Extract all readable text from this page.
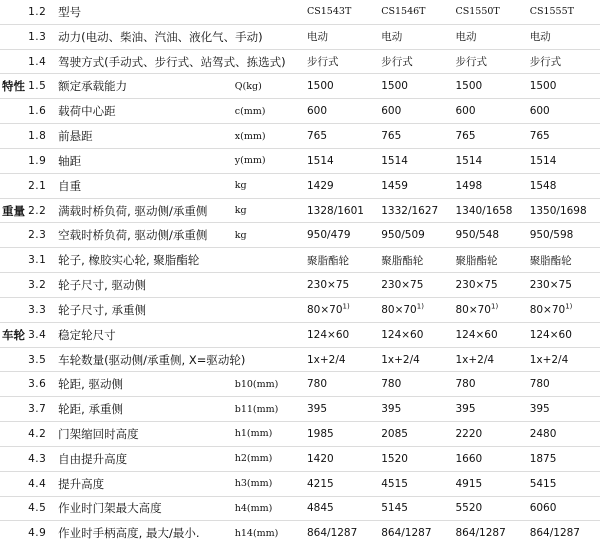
	1.2	型号		CS1543T	CS1546T	CS1550T	CS1555T
	1.3	动力(电动、柴油、汽油、液化气、手动)		电动	电动	电动	电动
	1.4	驾驶方式(手动式、步行式、站驾式、拣选式)		步行式	步行式	步行式	步行式
特性	1.5	额定承载能力	Q(kg)	1500	1500	1500	1500
	1.6	载荷中心距	c(mm)	600	600	600	600
	1.8	前悬距	x(mm)	765	765	765	765
	1.9	轴距	y(mm)	1514	1514	1514	1514
	2.1	自重	kg	1429	1459	1498	1548
重量	2.2	满载时桥负荷, 驱动侧/承重侧	kg	1328/1601	1332/1627	1340/1658	1350/1698
	2.3	空载时桥负荷, 驱动侧/承重侧	kg	950/479	950/509	950/548	950/598
	3.1	轮子, 橡胶实心轮, 聚脂酯轮		聚脂酯轮	聚脂酯轮	聚脂酯轮	聚脂酯轮
	3.2	轮子尺寸, 驱动侧		230×75	230×75	230×75	230×75
	3.3	轮子尺寸, 承重侧		$80\times 70^{1)}$	$80\times 70^{1)}$	$80\times 70^{1)}$	$80\times 70^{1)}$
车轮	3.4	稳定轮尺寸		124×60	124×60	124×60	124×60
	3.5	车轮数量(驱动侧/承重侧, X=驱动轮)		1x+2/4	1x+2/4	1x+2/4	1x+2/4
	3.6	轮距, 驱动侧	b10(mm)	780	780	780	780
	3.7	轮距, 承重侧	b11(mm)	395	395	395	395
	4.2	门架缩回时高度	h1(mm)	1985	2085	2220	2480
	4.3	自由提升高度	h2(mm)	1420	1520	1660	1875
	4.4	提升高度	h3(mm)	4215	4515	4915	5415
	4.5	作业时门架最大高度	h4(mm)	4845	5145	5520	6060
	4.9	作业时手柄高度, 最大/最小.	h14(mm)	864/1287	864/1287	864/1287	864/1287
